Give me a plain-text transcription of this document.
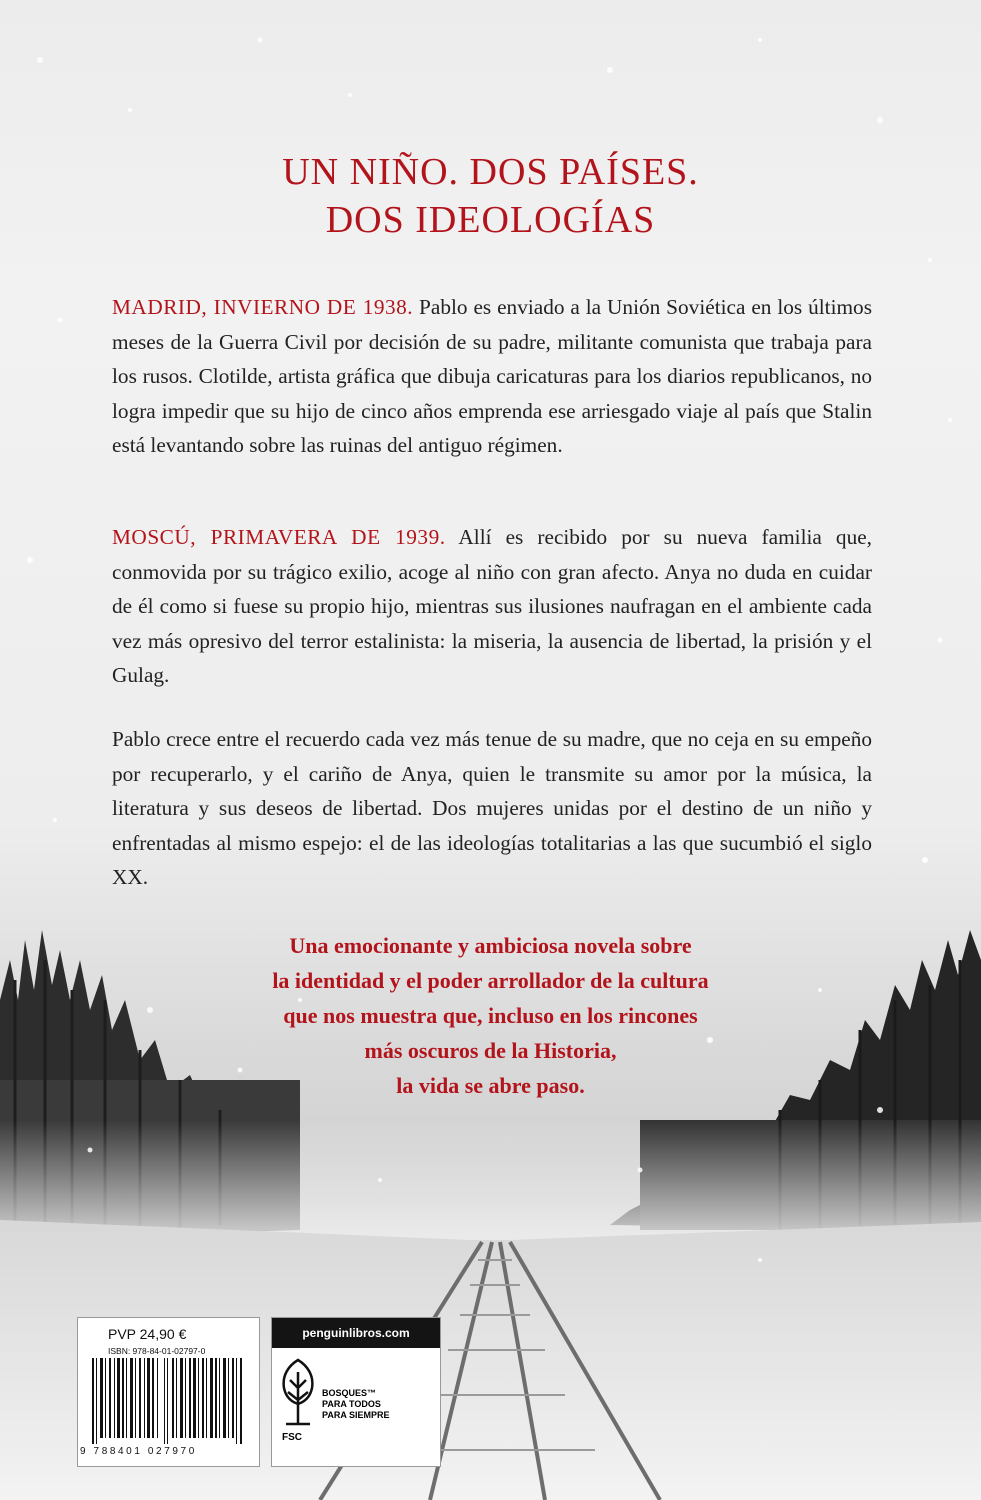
UN NIÑO. DOS PAÍSES.
DOS IDEOLOGÍAS

MADRID, INVIERNO DE 1938. Pablo es enviado a la Unión Soviética en los últimos meses de la Guerra Civil por decisión de su padre, militante comunista que trabaja para los rusos. Clotilde, artista gráfica que dibuja caricaturas para los diarios republicanos, no logra impedir que su hijo de cinco años emprenda ese arriesgado viaje al país que Stalin está levantando sobre las ruinas del antiguo régimen.

MOSCÚ, PRIMAVERA DE 1939. Allí es recibido por su nueva familia que, conmovida por su trágico exilio, acoge al niño con gran afecto. Anya no duda en cuidar de él como si fuese su propio hijo, mientras sus ilusiones naufragan en el ambiente cada vez más opresivo del terror estalinista: la miseria, la ausencia de libertad, la prisión y el Gulag.

Pablo crece entre el recuerdo cada vez más tenue de su madre, que no ceja en su empeño por recuperarlo, y el cariño de Anya, quien le transmite su amor por la música, la literatura y sus deseos de libertad. Dos mujeres unidas por el destino de un niño y enfrentadas al mismo espejo: el de las ideologías totalitarias a las que sucumbió el siglo XX.

Una emocionante y ambiciosa novela sobre
la identidad y el poder arrollador de la cultura
que nos muestra que, incluso en los rincones
más oscuros de la Historia,
la vida se abre paso.
PVP 24,90 €
ISBN: 978-84-01-02797-0
9 788401 027970
penguinlibros.com
FSC
BOSQUES™
PARA TODOS
PARA SIEMPRE
